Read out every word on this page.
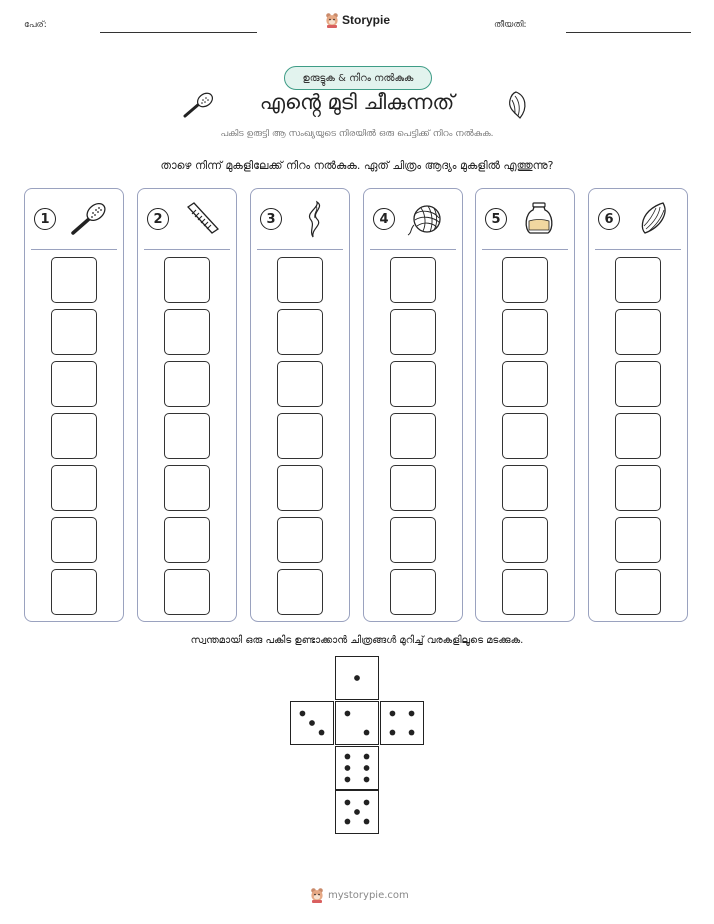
പേര്:	Storypie	തീയതി:
ഉരുട്ടുക & നിറം നൽകുക
എൻ്റെ മുടി ചീകുന്നത്
പകിട ഉരുട്ടി ആ സംഖ്യയുടെ നിരയിൽ ഒരു പെട്ടിക്ക് നിറം നൽകുക.
താഴെ നിന്ന് മുകളിലേക്ക് നിറം നൽകുക. ഏത് ചിത്രം ആദ്യം മുകളിൽ എത്തുന്നു?
1	2	3	4	5	6
സ്വന്തമായി ഒരു പകിട ഉണ്ടാക്കാൻ ചിത്രങ്ങൾ മുറിച്ച് വരകളിലൂടെ മടക്കുക.
mystorypie.com
